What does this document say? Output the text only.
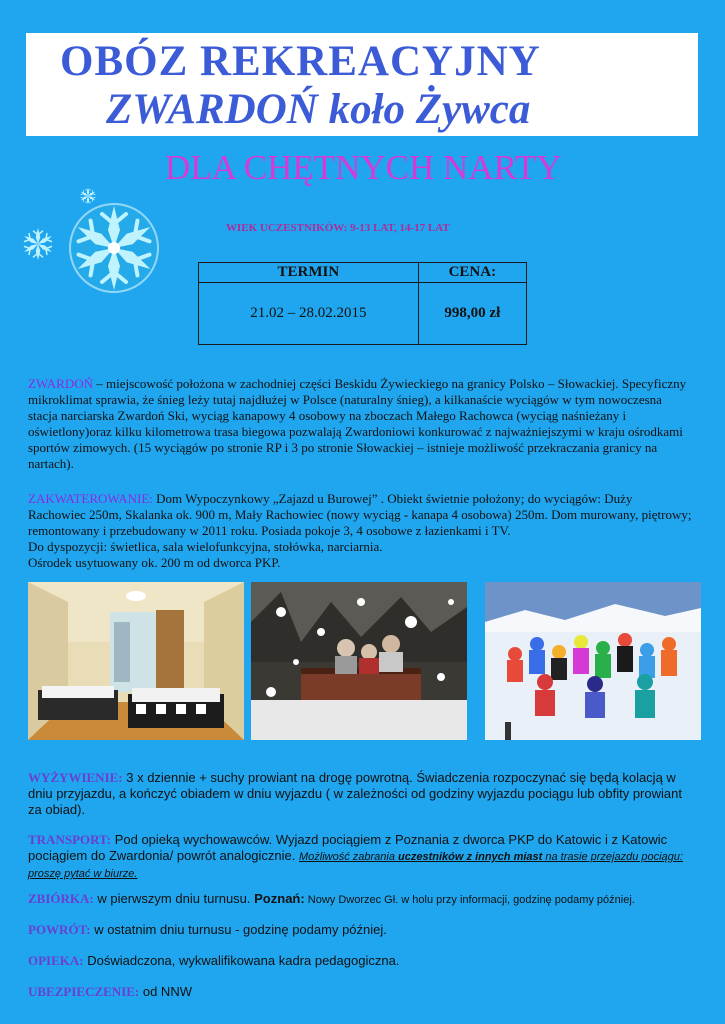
OBÓZ REKREACYJNY
ZWARDOŃ koło Żywca
DLA CHĘTNYCH NARTY
WIEK UCZESTNIKÓW: 9-13 LAT, 14-17 LAT
TERMIN	CENA:
21.02 – 28.02.2015	998,00 zł
ZWARDOŃ – miejscowość położona w zachodniej części Beskidu Żywieckiego na granicy Polsko – Słowackiej. Specyficzny mikroklimat sprawia, że śnieg leży tutaj najdłużej w Polsce (naturalny śnieg), a kilkanaście wyciągów w tym nowoczesna stacja narciarska Zwardoń Ski, wyciąg kanapowy 4 osobowy na zboczach Małego Rachowca (wyciąg naśnieżany i oświetlony)oraz kilku kilometrowa trasa biegowa pozwalają Zwardoniowi konkurować z najważniejszymi w kraju ośrodkami sportów zimowych. (15 wyciągów po stronie RP i 3 po stronie Słowackiej – istnieje możliwość przekraczania granicy na nartach).
ZAKWATEROWANIE: Dom Wypoczynkowy „Zajazd u Burowej” . Obiekt świetnie położony; do wyciągów: Duży Rachowiec 250m, Skalanka ok. 900 m, Mały Rachowiec (nowy wyciąg - kanapa 4 osobowa) 250m. Dom murowany, piętrowy; remontowany i przebudowany w 2011 roku. Posiada pokoje 3, 4 osobowe z łazienkami i TV.
Do dyspozycji: świetlica, sala wielofunkcyjna, stołówka, narciarnia.
Ośrodek usytuowany ok. 200 m od dworca PKP.
WYŻYWIENIE: 3 x dziennie + suchy prowiant na drogę powrotną. Świadczenia rozpoczynać się będą kolacją w dniu przyjazdu, a kończyć obiadem w dniu wyjazdu ( w zależności od godziny wyjazdu pociągu lub obfity prowiant za obiad).
TRANSPORT: Pod opieką wychowawców. Wyjazd pociągiem z Poznania z dworca PKP do Katowic i z Katowic pociągiem do Zwardonia/ powrót analogicznie. Możliwość zabrania uczestników z innych miast na trasie przejazdu pociągu: proszę pytać w biurze.
ZBIÓRKA: w pierwszym dniu turnusu. Poznań: Nowy Dworzec Gł. w holu przy informacji, godzinę podamy później.
POWRÓT: w ostatnim dniu turnusu - godzinę podamy później.
OPIEKA: Doświadczona, wykwalifikowana kadra pedagogiczna.
UBEZPIECZENIE: od NNW
